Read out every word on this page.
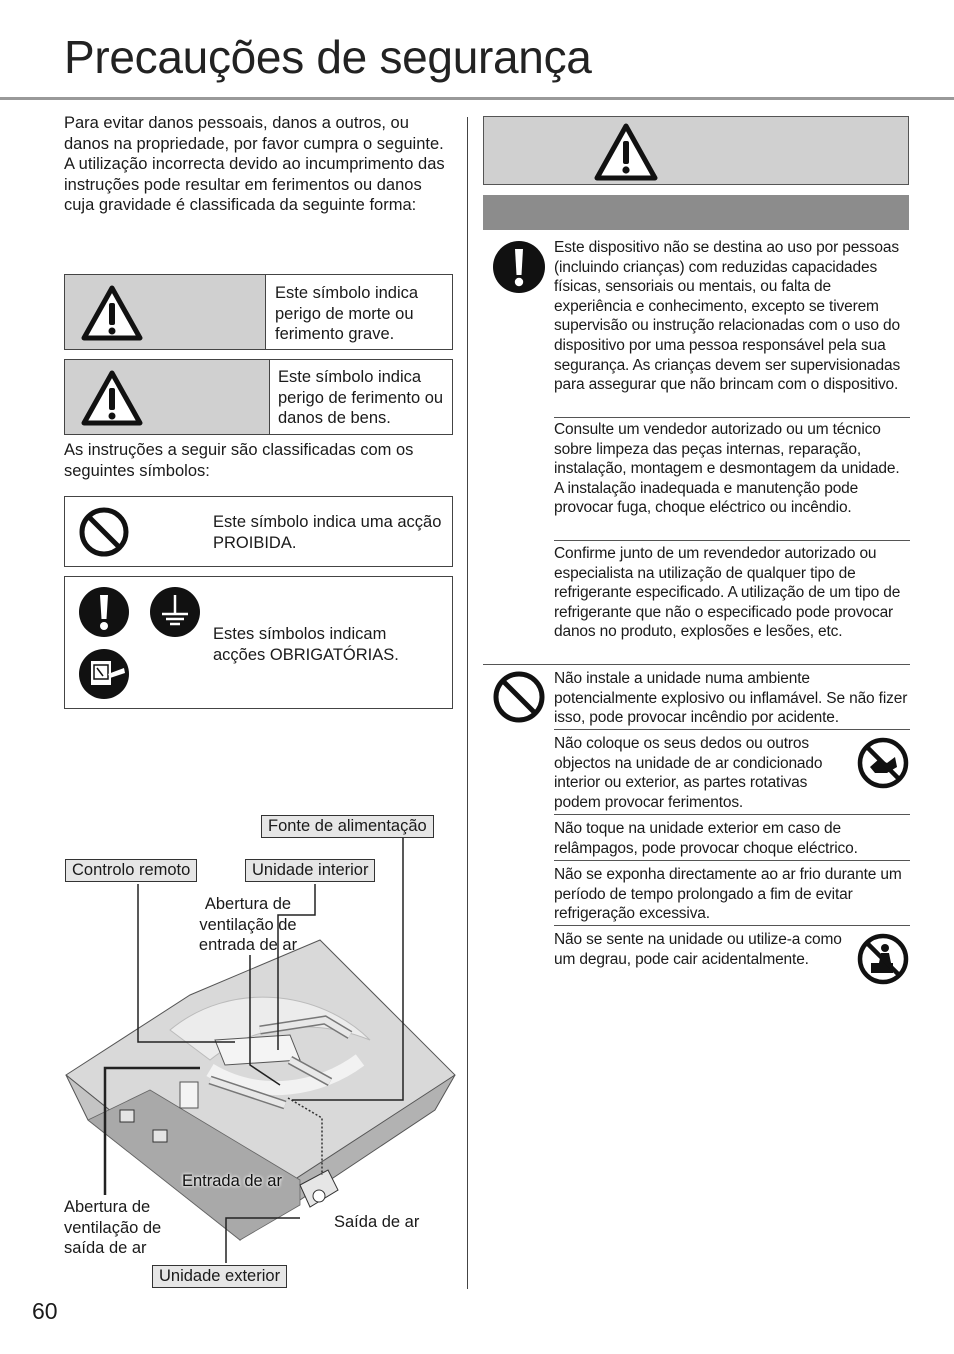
Precauções de segurança
Para evitar danos pessoais, danos a outros, ou danos na propriedade, por favor cumpra o seguinte.
A utilização incorrecta devido ao incumprimento das instruções pode resultar em ferimentos ou danos cuja gravidade é classificada da seguinte forma:
Este símbolo indica perigo de morte ou ferimento grave.
Este símbolo indica perigo de ferimento ou danos de bens.
As instruções a seguir são classificadas com os seguintes símbolos:
Este símbolo indica uma acção PROIBIDA.
Estes símbolos indicam acções OBRIGATÓRIAS.
Fonte de alimentação
Controlo remoto	Unidade interior
Abertura de ventilação de entrada de ar
Entrada de ar
Abertura de ventilação de saída de ar
Saída de ar
Unidade exterior
Este dispositivo não se destina ao uso por pessoas (incluindo crianças) com reduzidas capacidades físicas, sensoriais ou mentais, ou falta de experiência e conhecimento, excepto se tiverem supervisão ou instrução relacionadas com o uso do dispositivo por uma pessoa responsável pela sua segurança. As crianças devem ser supervisionadas para assegurar que não brincam com o dispositivo.
Consulte um vendedor autorizado ou um técnico sobre limpeza das peças internas, reparação, instalação, montagem e desmontagem da unidade. A instalação inadequada e manutenção pode provocar fuga, choque eléctrico ou incêndio.
Confirme junto de um revendedor autorizado ou especialista na utilização de qualquer tipo de refrigerante especificado. A utilização de um tipo de refrigerante que não o especificado pode provocar danos no produto, explosões e lesões, etc.
Não instale a unidade numa ambiente potencialmente explosivo ou inflamável. Se não fizer isso, pode provocar incêndio por acidente.
Não coloque os seus dedos ou outros objectos na unidade de ar condicionado interior ou exterior, as partes rotativas podem provocar ferimentos.
Não toque na unidade exterior em caso de relâmpagos, pode provocar choque eléctrico.
Não se exponha directamente ao ar frio durante um período de tempo prolongado a fim de evitar refrigeração excessiva.
Não se sente na unidade ou utilize-a como um degrau, pode cair acidentalmente.
60
